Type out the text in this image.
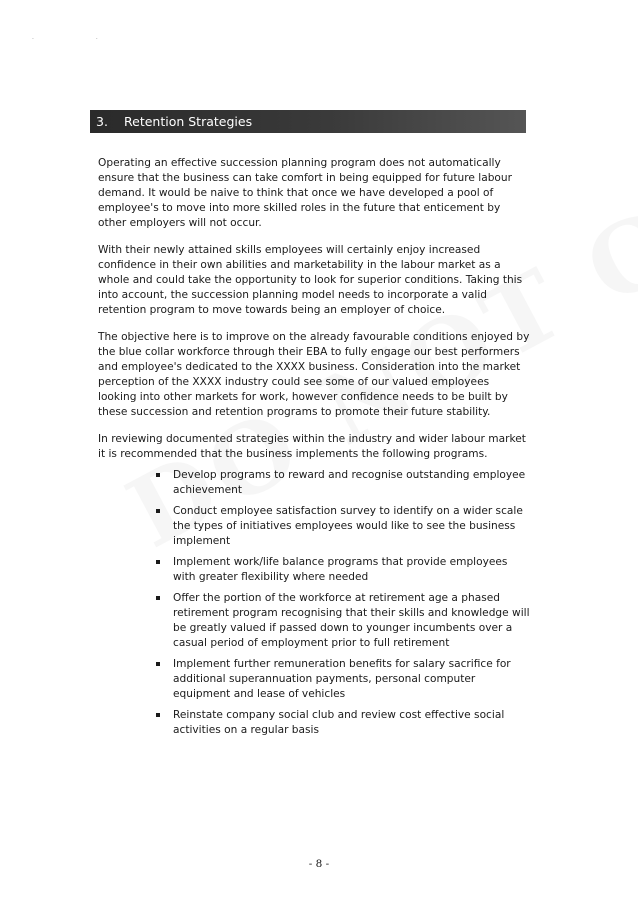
· ·
3.	Retention Strategies

Operating an effective succession planning program does not automatically ensure that the business can take comfort in being equipped for future labour demand. It would be naive to think that once we have developed a pool of employee's to move into more skilled roles in the future that enticement by other employers will not occur.

With their newly attained skills employees will certainly enjoy increased confidence in their own abilities and marketability in the labour market as a whole and could take the opportunity to look for superior conditions. Taking this into account, the succession planning model needs to incorporate a valid retention program to move towards being an employer of choice.

The objective here is to improve on the already favourable conditions enjoyed by the blue collar workforce through their EBA to fully engage our best performers and employee's dedicated to the XXXX business. Consideration into the market perception of the XXXX industry could see some of our valued employees looking into other markets for work, however confidence needs to be built by these succession and retention programs to promote their future stability.

In reviewing documented strategies within the industry and wider labour market it is recommended that the business implements the following programs.

Develop programs to reward and recognise outstanding employee achievement
Conduct employee satisfaction survey to identify on a wider scale the types of initiatives employees would like to see the business implement
Implement work/life balance programs that provide employees with greater flexibility where needed
Offer the portion of the workforce at retirement age a phased retirement program recognising that their skills and knowledge will be greatly valued if passed down to younger incumbents over a casual period of employment prior to full retirement
Implement further remuneration benefits for salary sacrifice for additional superannuation payments, personal computer equipment and lease of vehicles
Reinstate company social club and review cost effective social activities on a regular basis
- 8 -
